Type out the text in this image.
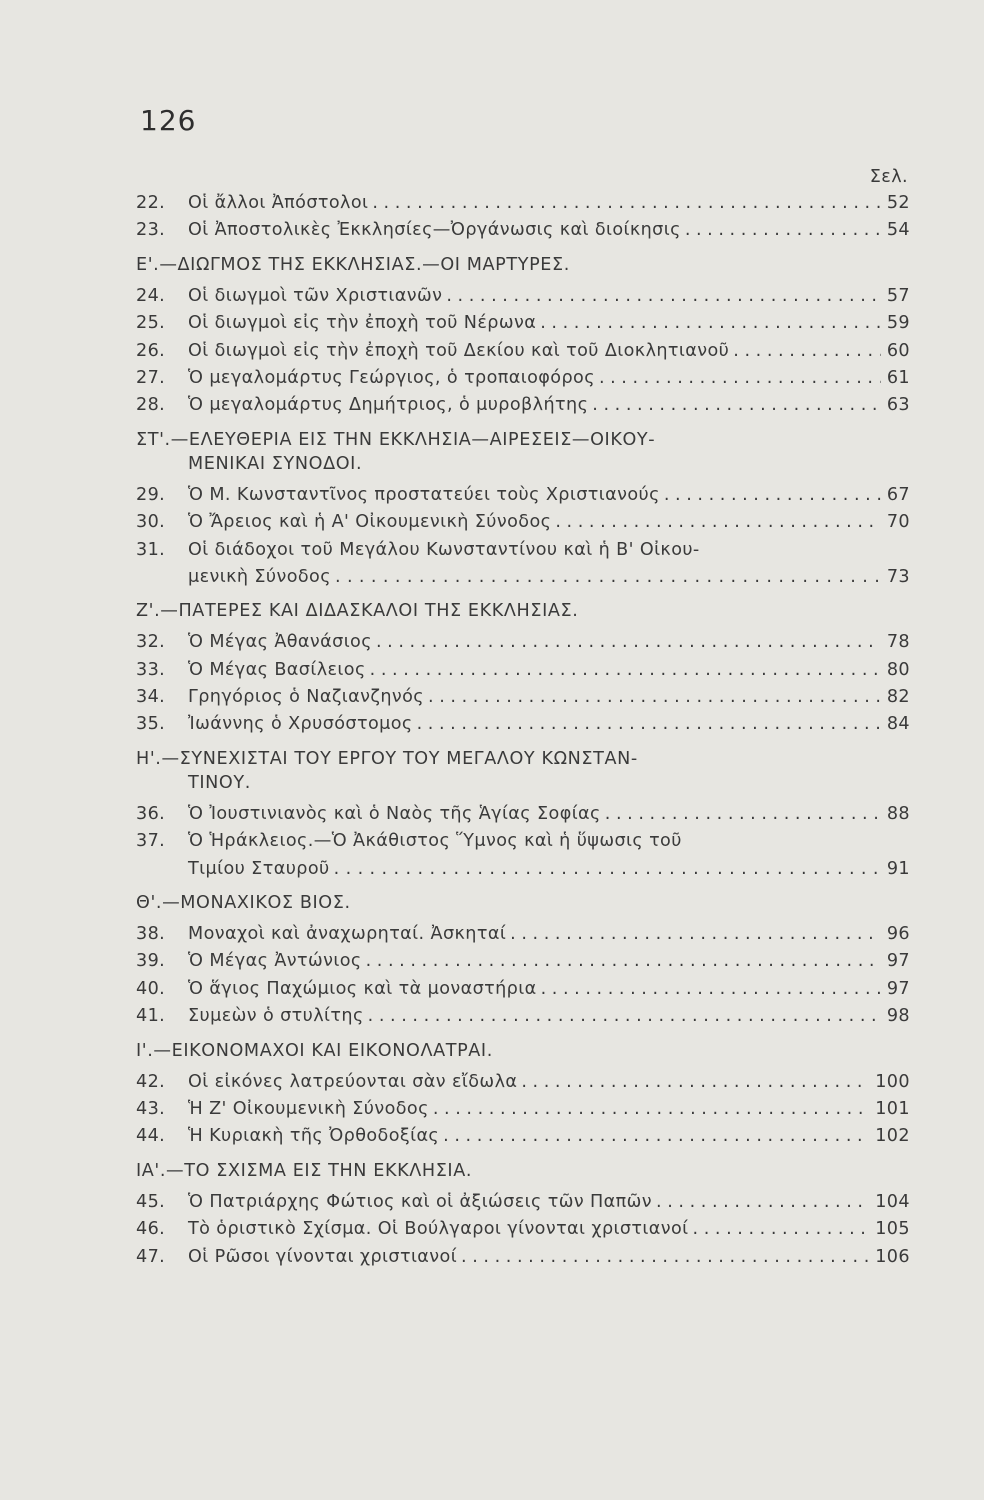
126
Σελ.
22.	Οἱ ἄλλοι Ἀπόστολοι . . .	52
23.	Οἱ Ἀποστολικὲς Ἐκκλησίες—Ὀργάνωσις καὶ διοίκησις . . .	54
Ε'.—ΔΙΩΓΜΟΣ ΤΗΣ ΕΚΚΛΗΣΙΑΣ.—ΟΙ ΜΑΡΤΥΡΕΣ.
24.	Οἱ διωγμοὶ τῶν Χριστιανῶν . . .	57
25.	Οἱ διωγμοὶ εἰς τὴν ἐποχὴ τοῦ Νέρωνα . . .	59
26.	Οἱ διωγμοὶ εἰς τὴν ἐποχὴ τοῦ Δεκίου καὶ τοῦ Διοκλητιανοῦ . . .	60
27.	Ὁ μεγαλομάρτυς Γεώργιος, ὁ τροπαιοφόρος . . .	61
28.	Ὁ μεγαλομάρτυς Δημήτριος, ὁ μυροβλήτης . . .	63
ΣΤ'.—ΕΛΕΥΘΕΡΙΑ ΕΙΣ ΤΗΝ ΕΚΚΛΗΣΙΑ—ΑΙΡΕΣΕΙΣ—ΟΙΚΟΥ-
ΜΕΝΙΚΑΙ ΣΥΝΟΔΟΙ.
29.	Ὁ Μ. Κωνσταντῖνος προστατεύει τοὺς Χριστιανούς . . .	67
30.	Ὁ Ἄρειος καὶ ἡ Α' Οἰκουμενικὴ Σύνοδος . . .	70
31.	Οἱ διάδοχοι τοῦ Μεγάλου Κωνσταντίνου καὶ ἡ Β' Οἰκου-
μενικὴ Σύνοδος . . .	73
Ζ'.—ΠΑΤΕΡΕΣ ΚΑΙ ΔΙΔΑΣΚΑΛΟΙ ΤΗΣ ΕΚΚΛΗΣΙΑΣ.
32.	Ὁ Μέγας Ἀθανάσιος . . .	78
33.	Ὁ Μέγας Βασίλειος . . .	80
34.	Γρηγόριος ὁ Ναζιανζηνός . . .	82
35.	Ἰωάννης ὁ Χρυσόστομος . . .	84
Η'.—ΣΥΝΕΧΙΣΤΑΙ ΤΟΥ ΕΡΓΟΥ ΤΟΥ ΜΕΓΑΛΟΥ ΚΩΝΣΤΑΝ-
ΤΙΝΟΥ.
36.	Ὁ Ἰουστινιανὸς καὶ ὁ Ναὸς τῆς Ἁγίας Σοφίας . . .	88
37.	Ὁ Ἡράκλειος.—Ὁ Ἀκάθιστος Ὕμνος καὶ ἡ ὕψωσις τοῦ
Τιμίου Σταυροῦ . . .	91
Θ'.—ΜΟΝΑΧΙΚΟΣ ΒΙΟΣ.
38.	Μοναχοὶ καὶ ἀναχωρηταί. Ἀσκηταί . . .	96
39.	Ὁ Μέγας Ἀντώνιος . . .	97
40.	Ὁ ἅγιος Παχώμιος καὶ τὰ μοναστήρια . . .	97
41.	Συμεὼν ὁ στυλίτης . . .	98
Ι'.—ΕΙΚΟΝΟΜΑΧΟΙ ΚΑΙ ΕΙΚΟΝΟΛΑΤΡΑΙ.
42.	Οἱ εἰκόνες λατρεύονται σὰν εἴδωλα . . .	100
43.	Ἡ Ζ' Οἰκουμενικὴ Σύνοδος . . .	101
44.	Ἡ Κυριακὴ τῆς Ὀρθοδοξίας . . .	102
ΙΑ'.—ΤΟ ΣΧΙΣΜΑ ΕΙΣ ΤΗΝ ΕΚΚΛΗΣΙΑ.
45.	Ὁ Πατριάρχης Φώτιος καὶ οἱ ἀξιώσεις τῶν Παπῶν . . .	104
46.	Τὸ ὁριστικὸ Σχίσμα. Οἱ Βούλγαροι γίνονται χριστιανοί . . .	105
47.	Οἱ Ρῶσοι γίνονται χριστιανοί . . .	106
